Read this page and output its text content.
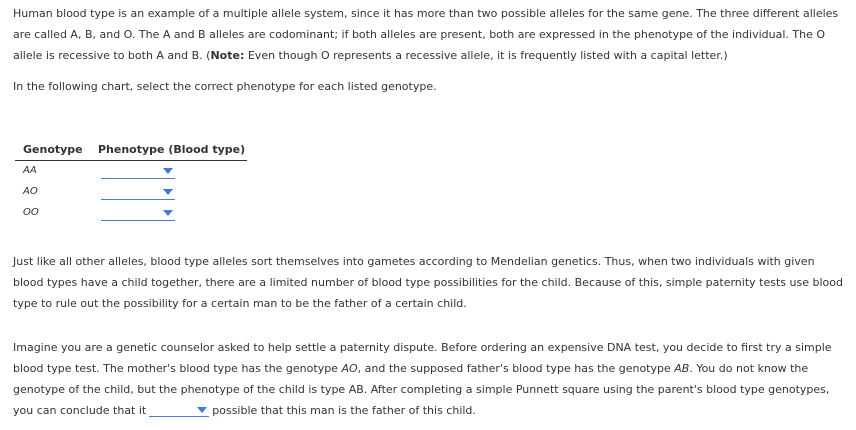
Human blood type is an example of a multiple allele system, since it has more than two possible alleles for the same gene. The three different alleles are called A, B, and O. The A and B alleles are codominant; if both alleles are present, both are expressed in the phenotype of the individual. The O allele is recessive to both A and B. (Note: Even though O represents a recessive allele, it is frequently listed with a capital letter.)

In the following chart, select the correct phenotype for each listed genotype.

Genotype Phenotype (Blood type)
AA
AO
OO

Just like all other alleles, blood type alleles sort themselves into gametes according to Mendelian genetics. Thus, when two individuals with given blood types have a child together, there are a limited number of blood type possibilities for the child. Because of this, simple paternity tests use blood type to rule out the possibility for a certain man to be the father of a certain child.

Imagine you are a genetic counselor asked to help settle a paternity dispute. Before ordering an expensive DNA test, you decide to first try a simple blood type test. The mother's blood type has the genotype AO, and the supposed father's blood type has the genotype AB. You do not know the genotype of the child, but the phenotype of the child is type AB. After completing a simple Punnett square using the parent's blood type genotypes, you can conclude that it	possible that this man is the father of this child.
